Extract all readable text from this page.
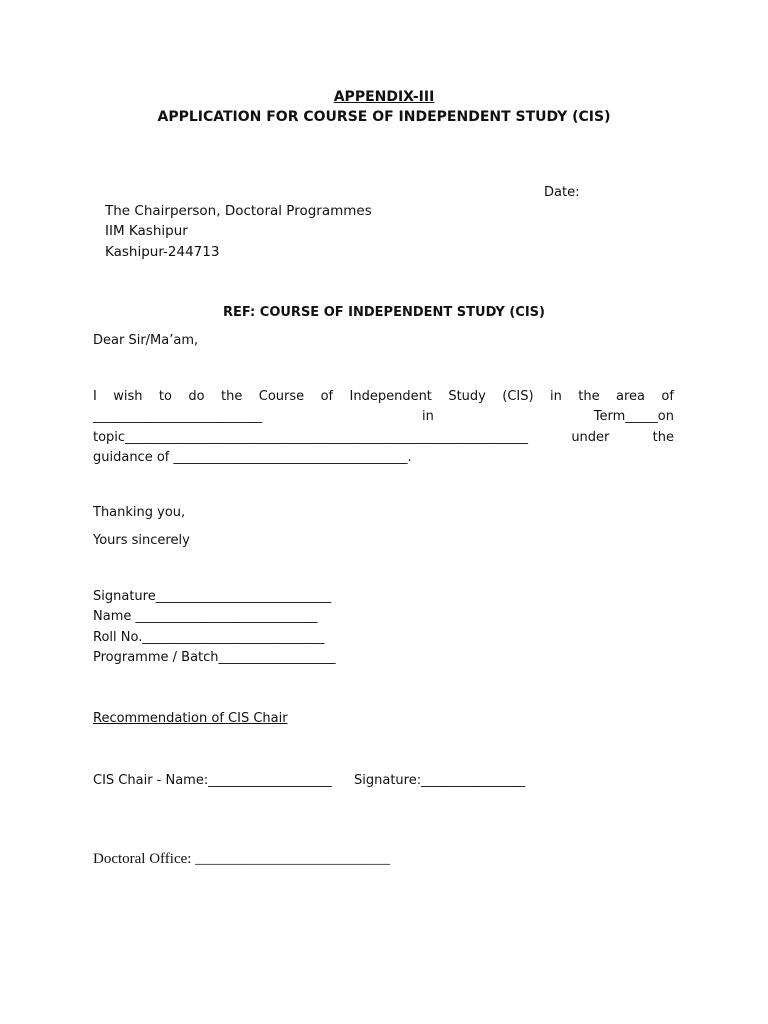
APPENDIX-III
APPLICATION FOR COURSE OF INDEPENDENT STUDY (CIS)
Date:
The Chairperson, Doctoral Programmes
IIM Kashipur
Kashipur-244713
REF: COURSE OF INDEPENDENT STUDY (CIS)
Dear Sir/Ma’am,
I wish to do the Course of Independent Study (CIS) in the area of
__________________________	in	Term_____on
topic______________________________________________________________	under	the
guidance of ____________________________________.
Thanking you,
Yours sincerely
Signature___________________________
Name ____________________________
Roll No.____________________________
Programme / Batch__________________
Recommendation of CIS Chair
CIS Chair - Name:___________________ Signature:________________
Doctoral Office: __________________________
